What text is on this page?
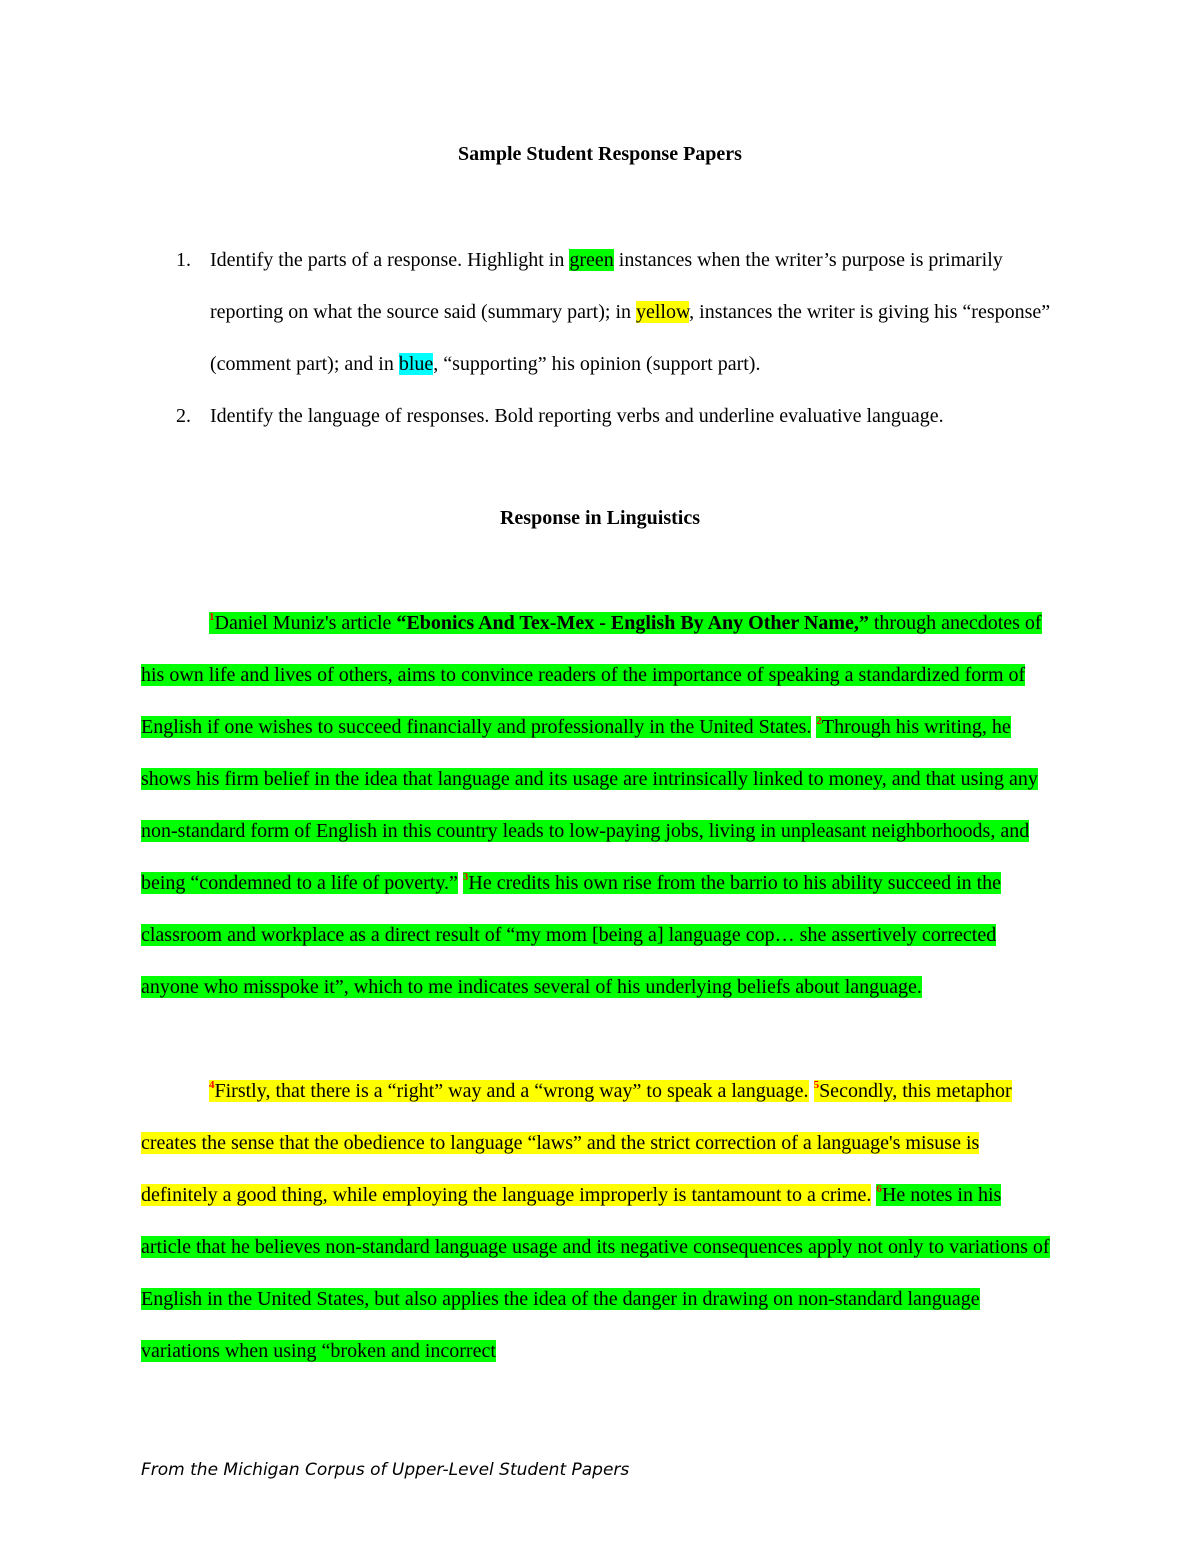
Sample Student Response Papers
1. Identify the parts of a response. Highlight in green instances when the writer’s purpose is primarily reporting on what the source said (summary part); in yellow, instances the writer is giving his “response” (comment part); and in blue, “supporting” his opinion (support part).
2. Identify the language of responses. Bold reporting verbs and underline evaluative language.
Response in Linguistics
$^1$Daniel Muniz's article “Ebonics And Tex-Mex - English By Any Other Name,” through anecdotes of his own life and lives of others, aims to convince readers of the importance of speaking a standardized form of English if one wishes to succeed financially and professionally in the United States. $^2$Through his writing, he shows his firm belief in the idea that language and its usage are intrinsically linked to money, and that using any non-standard form of English in this country leads to low-paying jobs, living in unpleasant neighborhoods, and being “condemned to a life of poverty.” $^3$He credits his own rise from the barrio to his ability succeed in the classroom and workplace as a direct result of “my mom [being a] language cop… she assertively corrected anyone who misspoke it”, which to me indicates several of his underlying beliefs about language.
$^4$Firstly, that there is a “right” way and a “wrong way” to speak a language. $^5$Secondly, this metaphor creates the sense that the obedience to language “laws” and the strict correction of a language's misuse is definitely a good thing, while employing the language improperly is tantamount to a crime. $^6$He notes in his article that he believes non-standard language usage and its negative consequences apply not only to variations of English in the United States, but also applies the idea of the danger in drawing on non-standard language variations when using “broken and incorrect
From the Michigan Corpus of Upper-Level Student Papers
